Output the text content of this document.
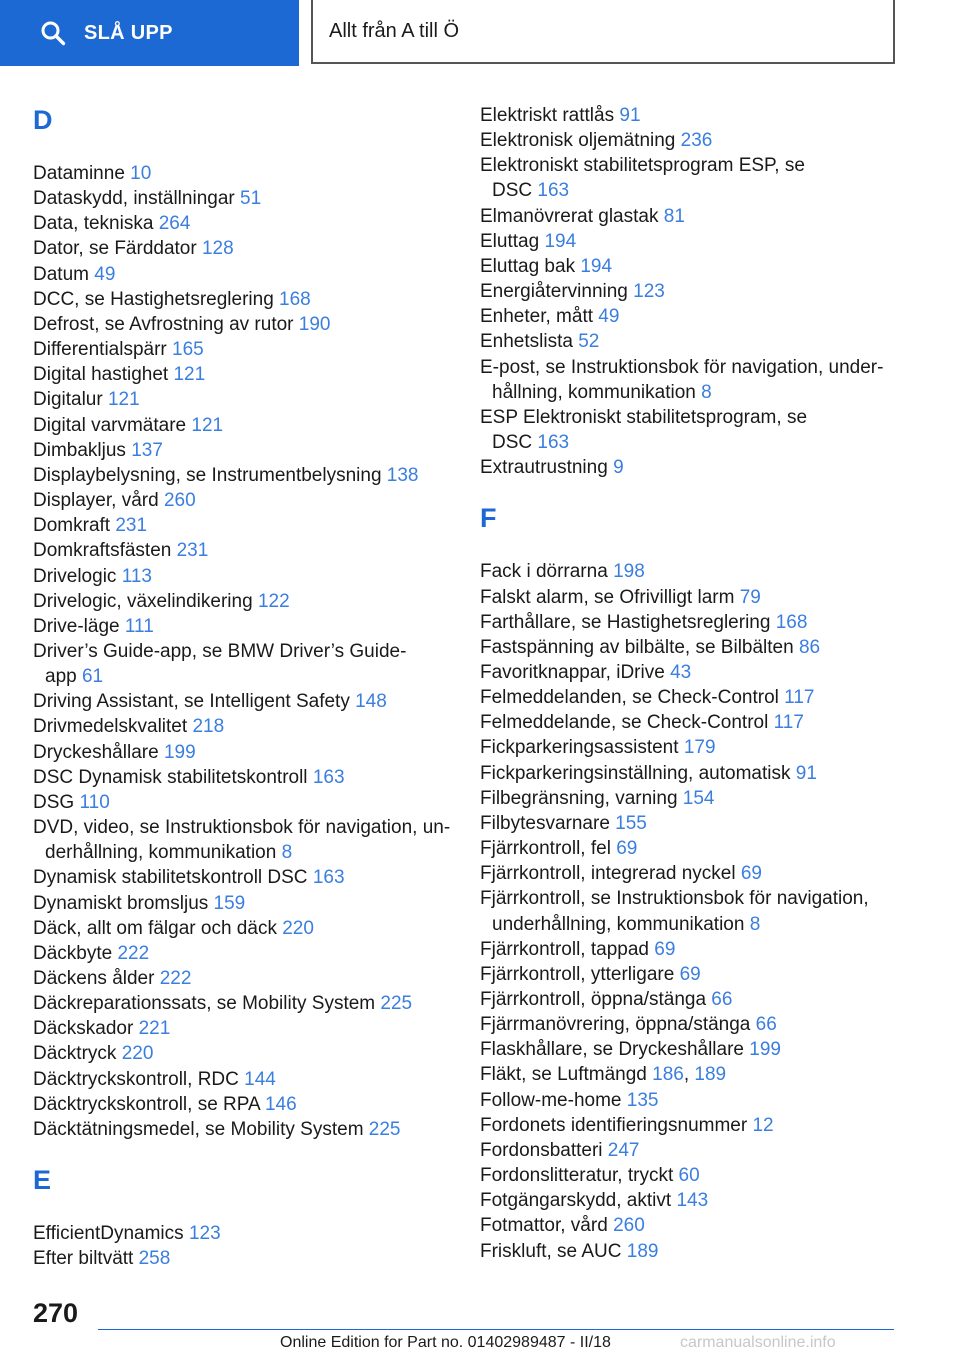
SLÅ UPP	Allt från A till Ö
D
Dataminne 10
Dataskydd, inställningar 51
Data, tekniska 264
Dator, se Färddator 128
Datum 49
DCC, se Hastighetsreglering 168
Defrost, se Avfrostning av rutor 190
Differentialspärr 165
Digital hastighet 121
Digitalur 121
Digital varvmätare 121
Dimbakljus 137
Displaybelysning, se Instrumentbelysning 138
Displayer, vård 260
Domkraft 231
Domkraftsfästen 231
Drivelogic 113
Drivelogic, växelindikering 122
Drive-läge 111
Driver’s Guide-app, se BMW Driver’s Guide-
app 61
Driving Assistant, se Intelligent Safety 148
Drivmedelskvalitet 218
Dryckeshållare 199
DSC Dynamisk stabilitetskontroll 163
DSG 110
DVD, video, se Instruktionsbok för navigation, un‐
derhållning, kommunikation 8
Dynamisk stabilitetskontroll DSC 163
Dynamiskt bromsljus 159
Däck, allt om fälgar och däck 220
Däckbyte 222
Däckens ålder 222
Däckreparationssats, se Mobility System 225
Däckskador 221
Däcktryck 220
Däcktryckskontroll, RDC 144
Däcktryckskontroll, se RPA 146
Däcktätningsmedel, se Mobility System 225
E
EfficientDynamics 123
Efter biltvätt 258
Elektriskt rattlås 91
Elektronisk oljemätning 236
Elektroniskt stabilitetsprogram ESP, se
DSC 163
Elmanövrerat glastak 81
Eluttag 194
Eluttag bak 194
Energiåtervinning 123
Enheter, mått 49
Enhetslista 52
E-post, se Instruktionsbok för navigation, under‐
hållning, kommunikation 8
ESP Elektroniskt stabilitetsprogram, se
DSC 163
Extrautrustning 9
F
Fack i dörrarna 198
Falskt alarm, se Ofrivilligt larm 79
Farthållare, se Hastighetsreglering 168
Fastspänning av bilbälte, se Bilbälten 86
Favoritknappar, iDrive 43
Felmeddelanden, se Check-Control 117
Felmeddelande, se Check-Control 117
Fickparkeringsassistent 179
Fickparkeringsinställning, automatisk 91
Filbegränsning, varning 154
Filbytesvarnare 155
Fjärrkontroll, fel 69
Fjärrkontroll, integrerad nyckel 69
Fjärrkontroll, se Instruktionsbok för navigation,
underhållning, kommunikation 8
Fjärrkontroll, tappad 69
Fjärrkontroll, ytterligare 69
Fjärrkontroll, öppna/stänga 66
Fjärrmanövrering, öppna/stänga 66
Flaskhållare, se Dryckeshållare 199
Fläkt, se Luftmängd 186, 189
Follow-me-home 135
Fordonets identifieringsnummer 12
Fordonsbatteri 247
Fordonslitteratur, tryckt 60
Fotgängarskydd, aktivt 143
Fotmattor, vård 260
Friskluft, se AUC 189
270
Online Edition for Part no. 01402989487 - II/18	carmanualsonline.info
